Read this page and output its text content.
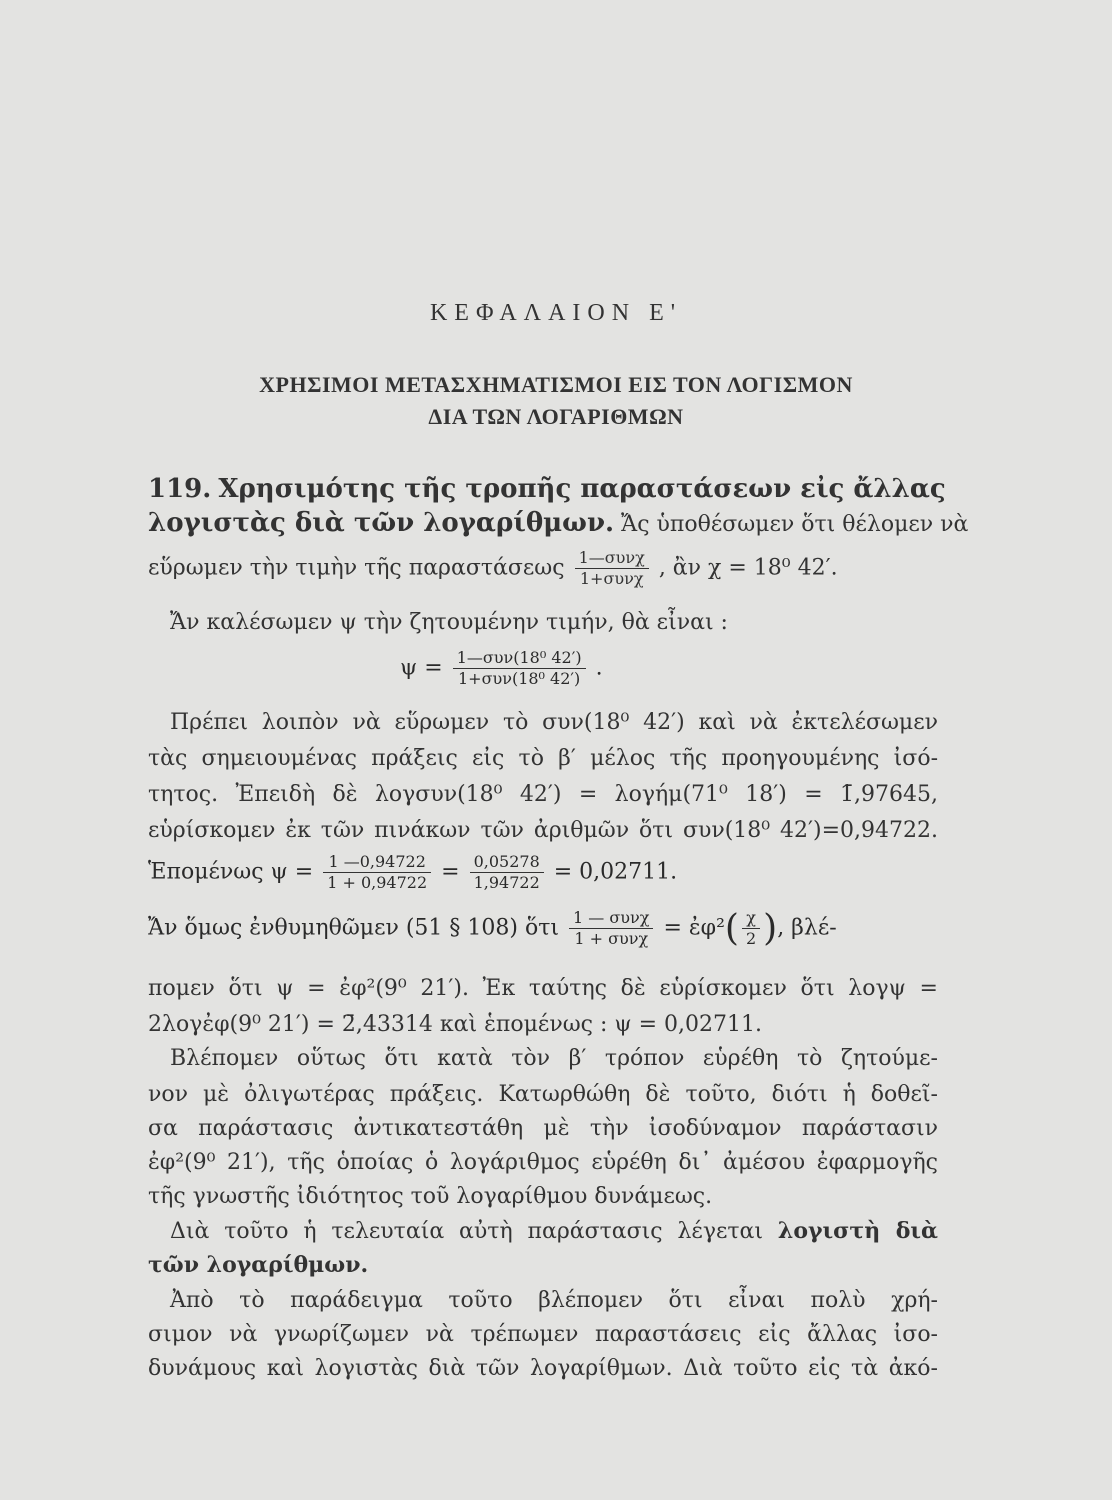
ΚΕΦΑΛΑΙΟΝ Ε'
ΧΡΗΣΙΜΟΙ ΜΕΤΑΣΧΗΜΑΤΙΣΜΟΙ ΕΙΣ ΤΟΝ ΛΟΓΙΣΜΟΝ
ΔΙΑ ΤΩΝ ΛΟΓΑΡΙΘΜΩΝ
119. Χρησιμότης τῆς τροπῆς παραστάσεων εἰς ἄλλας
λογιστὰς διὰ τῶν λογαρίθμων. Ἄς ὑποθέσωμεν ὅτι θέλομεν νὰ
εὕρωμεν τὴν τιμὴν τῆς παραστάσεως $\frac{\text{1—συνχ}}{\text{1+συνχ}}$ , ἂν χ = 18⁰ 42′.
Ἄν καλέσωμεν ψ τὴν ζητουμένην τιμήν, θὰ εἶναι :
$\psi = \frac{\text{1—συν(18⁰ 42′)}}{\text{1+συν(18⁰ 42′)}}$ .
Πρέπει λοιπὸν νὰ εὕρωμεν τὸ συν(18⁰ 42′) καὶ νὰ ἐκτελέσωμεν
τὰς σημειουμένας πράξεις εἰς τὸ β′ μέλος τῆς προηγουμένης ἰσό-
τητος. Ἐπειδὴ δὲ λογσυν(18⁰ 42′) = λογήμ(71⁰ 18′) = 1̄,97645,
εὑρίσκομεν ἐκ τῶν πινάκων τῶν ἀριθμῶν ὅτι συν(18⁰ 42′)=0,94722.
Ἑπομένως $\psi = \frac{1 —0,94722}{1 + 0,94722} = \frac{0,05278}{1,94722} = 0,02711$.
Ἄν ὅμως ἐνθυμηθῶμεν (51 § 108) ὅτι $\frac{\text{1 — συνχ}}{\text{1 + συνχ}}$ = ἐφ²( $\frac{\chi}{2}$ ), βλέ-
πομεν ὅτι ψ = ἐφ²(9⁰ 21′). Ἐκ ταύτης δὲ εὑρίσκομεν ὅτι λογψ =
2λογἐφ(9⁰ 21′) = 2̄,43314 καὶ ἑπομένως : ψ = 0,02711.
Βλέπομεν οὕτως ὅτι κατὰ τὸν β′ τρόπον εὑρέθη τὸ ζητούμε-
νον μὲ ὀλιγωτέρας πράξεις. Κατωρθώθη δὲ τοῦτο, διότι ἡ δοθεῖ-
σα παράστασις ἀντικατεστάθη μὲ τὴν ἰσοδύναμον παράστασιν
ἐφ²(9⁰ 21′), τῆς ὁποίας ὁ λογάριθμος εὑρέθη δι᾽ ἀμέσου ἐφαρμογῆς
τῆς γνωστῆς ἰδιότητος τοῦ λογαρίθμου δυνάμεως.
Διὰ τοῦτο ἡ τελευταία αὐτὴ παράστασις λέγεται λογιστὴ διὰ
τῶν λογαρίθμων.
Ἀπὸ τὸ παράδειγμα τοῦτο βλέπομεν ὅτι εἶναι πολὺ χρή-
σιμον νὰ γνωρίζωμεν νὰ τρέπωμεν παραστάσεις εἰς ἄλλας ἰσο-
δυνάμους καὶ λογιστὰς διὰ τῶν λογαρίθμων. Διὰ τοῦτο εἰς τὰ ἀκό-
